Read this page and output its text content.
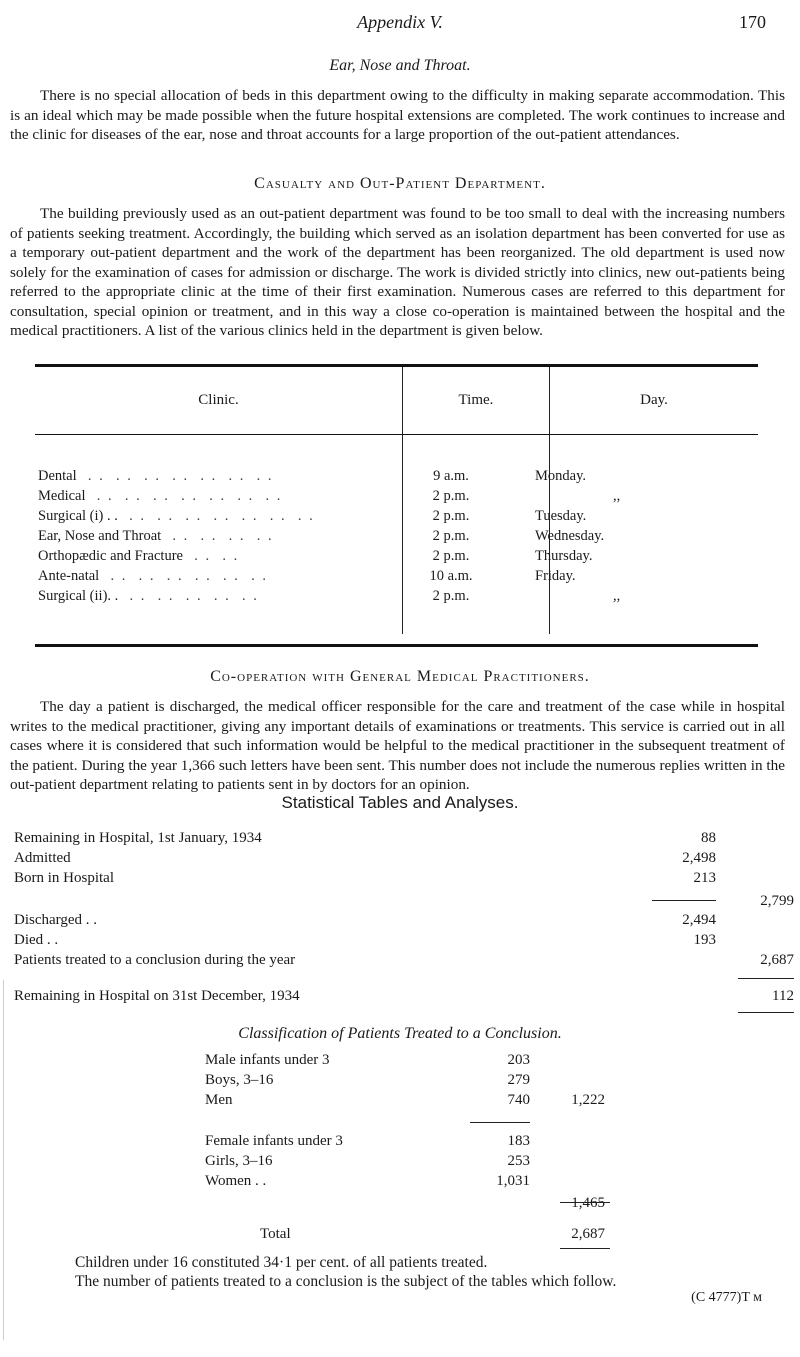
Appendix V.	170
Ear, Nose and Throat.

There is no special allocation of beds in this department owing to the difficulty in making separate accommodation. This is an ideal which may be made possible when the future hospital extensions are completed. The work continues to increase and the clinic for diseases of the ear, nose and throat accounts for a large proportion of the out-patient attendances.

Casualty and Out-Patient Department.

The building previously used as an out-patient department was found to be too small to deal with the increasing numbers of patients seeking treatment. Accordingly, the building which served as an isolation department has been converted for use as a temporary out-patient department and the work of the department has been reorganized. The old department is used now solely for the examination of cases for admission or discharge. The work is divided strictly into clinics, new out-patients being referred to the appropriate clinic at the time of their first examination. Numerous cases are referred to this department for consultation, special opinion or treatment, and in this way a close co-operation is maintained between the hospital and the medical practitioners. A list of the various clinics held in the department is given below.

Clinic.	Time.	Day.
Dental  . .  . .  . .  . .  . .  . .  . .	9 a.m.	Monday.
Medical  . .  . .  . .  . .  . .  . .  . .	2 p.m.	,,
Surgical (i) . .  . .  . .  . .  . .  . .  . .  . .	2 p.m.	Tuesday.
Ear, Nose and Throat  . .  . .  . .  . .	2 p.m.	Wednesday.
Orthopædic and Fracture  . .  . .	2 p.m.	Thursday.
Ante-natal  . .  . .  . .  . .  . .  . .	10 a.m.	Friday.
Surgical (ii). .  . .  . .  . .  . .  . .	2 p.m.	,,
Co-operation with General Medical Practitioners.

The day a patient is discharged, the medical officer responsible for the care and treatment of the case while in hospital writes to the medical practitioner, giving any important details of examinations or treatments. This service is carried out in all cases where it is considered that such information would be helpful to the medical practitioner in the subsequent treatment of the patient. During the year 1,366 such letters have been sent. This number does not include the numerous replies written in the out-patient department relating to patients sent in by doctors for an opinion.

Statistical Tables and Analyses.
Remaining in Hospital, 1st January, 1934	88
Admitted	2,498
Born in Hospital	213
2,799
Discharged . .	2,494
Died . .	193
Patients treated to a conclusion during the year	2,687
Remaining in Hospital on 31st December, 1934	112
Classification of Patients Treated to a Conclusion.
Male infants under 3	203
Boys, 3–16	279
Men	740	1,222
Female infants under 3	183
Girls, 3–16	253
Women . .	1,031
1,465
Total	2,687
Children under 16 constituted 34·1 per cent. of all patients treated.
The number of patients treated to a conclusion is the subject of the tables which follow.
(C 4777)T м
